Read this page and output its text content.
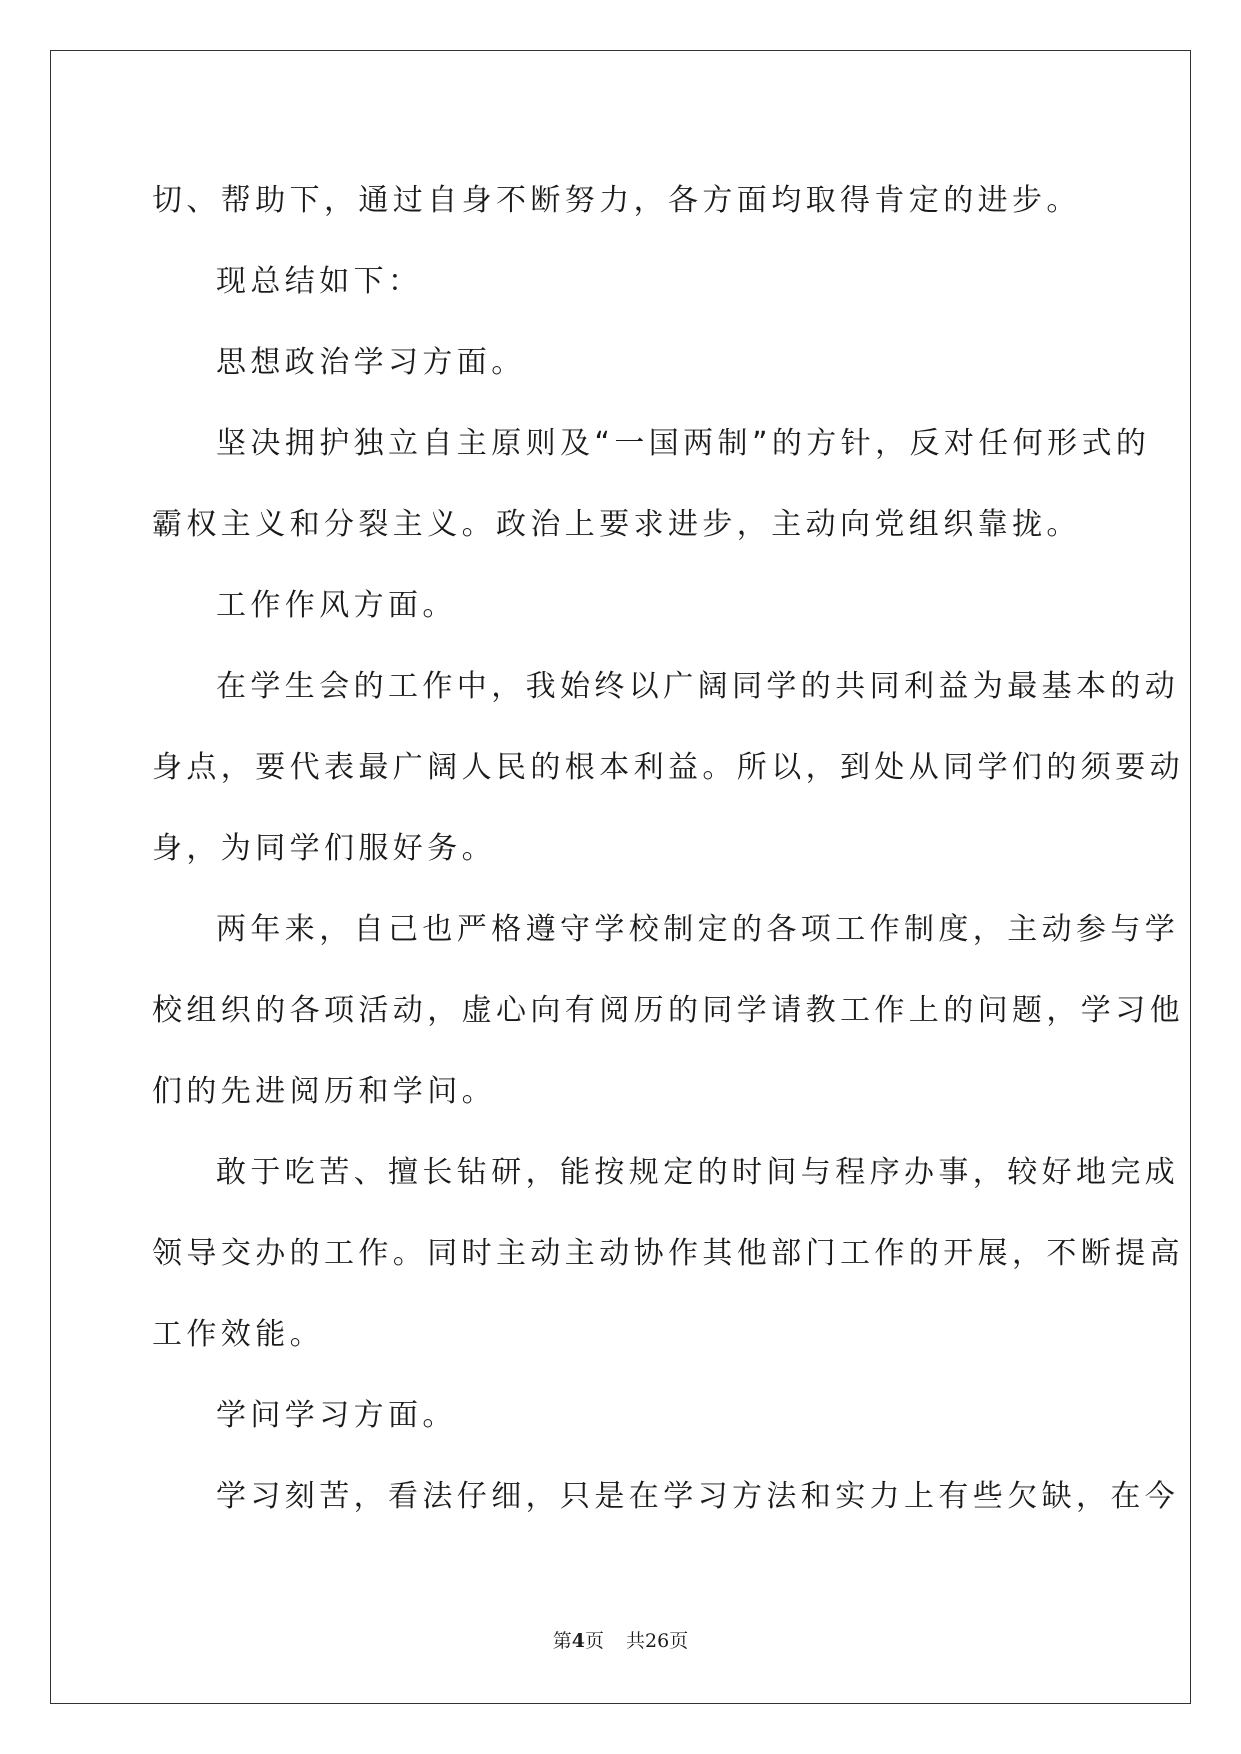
切、帮助下，通过自身不断努力，各方面均取得肯定的进步。
现总结如下：
思想政治学习方面。
坚决拥护独立自主原则及“一国两制”的方针，反对任何形式的
霸权主义和分裂主义。政治上要求进步，主动向党组织靠拢。
工作作风方面。
在学生会的工作中，我始终以广阔同学的共同利益为最基本的动
身点，要代表最广阔人民的根本利益。所以，到处从同学们的须要动
身，为同学们服好务。
两年来，自己也严格遵守学校制定的各项工作制度，主动参与学
校组织的各项活动，虚心向有阅历的同学请教工作上的问题，学习他
们的先进阅历和学问。
敢于吃苦、擅长钻研，能按规定的时间与程序办事，较好地完成
领导交办的工作。同时主动主动协作其他部门工作的开展，不断提高
工作效能。
学问学习方面。
学习刻苦，看法仔细，只是在学习方法和实力上有些欠缺，在今
第4页 共26页
